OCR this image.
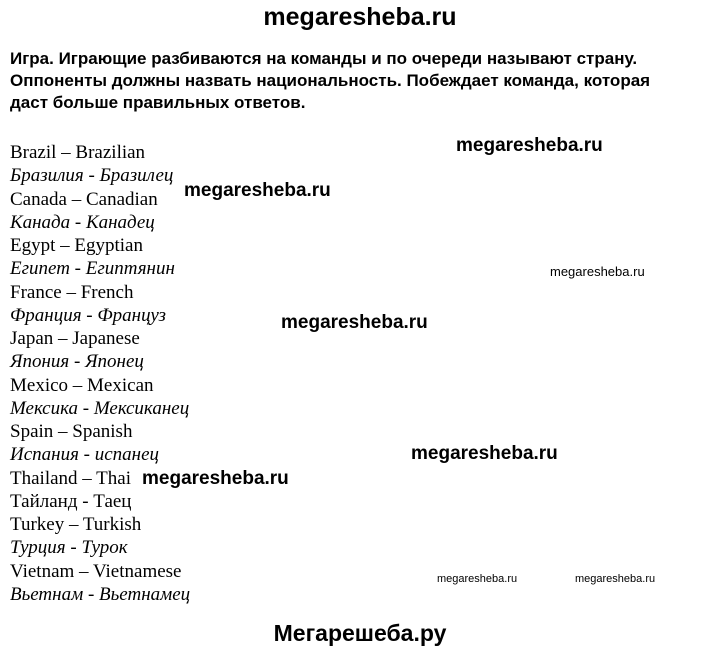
megaresheba.ru
Игра. Играющие разбиваются на команды и по очереди называют страну.
Оппоненты должны назвать национальность. Побеждает команда, которая
даст больше правильных ответов.
Brazil – Brazilian
Бразилия - Бразилец
Canada – Canadian
Канада - Канадец
Egypt – Egyptian
Египет - Египтянин
France – French
Франция - Француз
Japan – Japanese
Япония - Японец
Mexico – Mexican
Мексика - Мексиканец
Spain – Spanish
Испания - испанец
Thailand – Thai
Тайланд - Таец
Turkey – Turkish
Турция - Турок
Vietnam – Vietnamese
Вьетнам - Вьетнамец
megaresheba.ru
megaresheba.ru
megaresheba.ru
megaresheba.ru
megaresheba.ru
megaresheba.ru
megaresheba.ru	megaresheba.ru
Мегарешеба.ру
